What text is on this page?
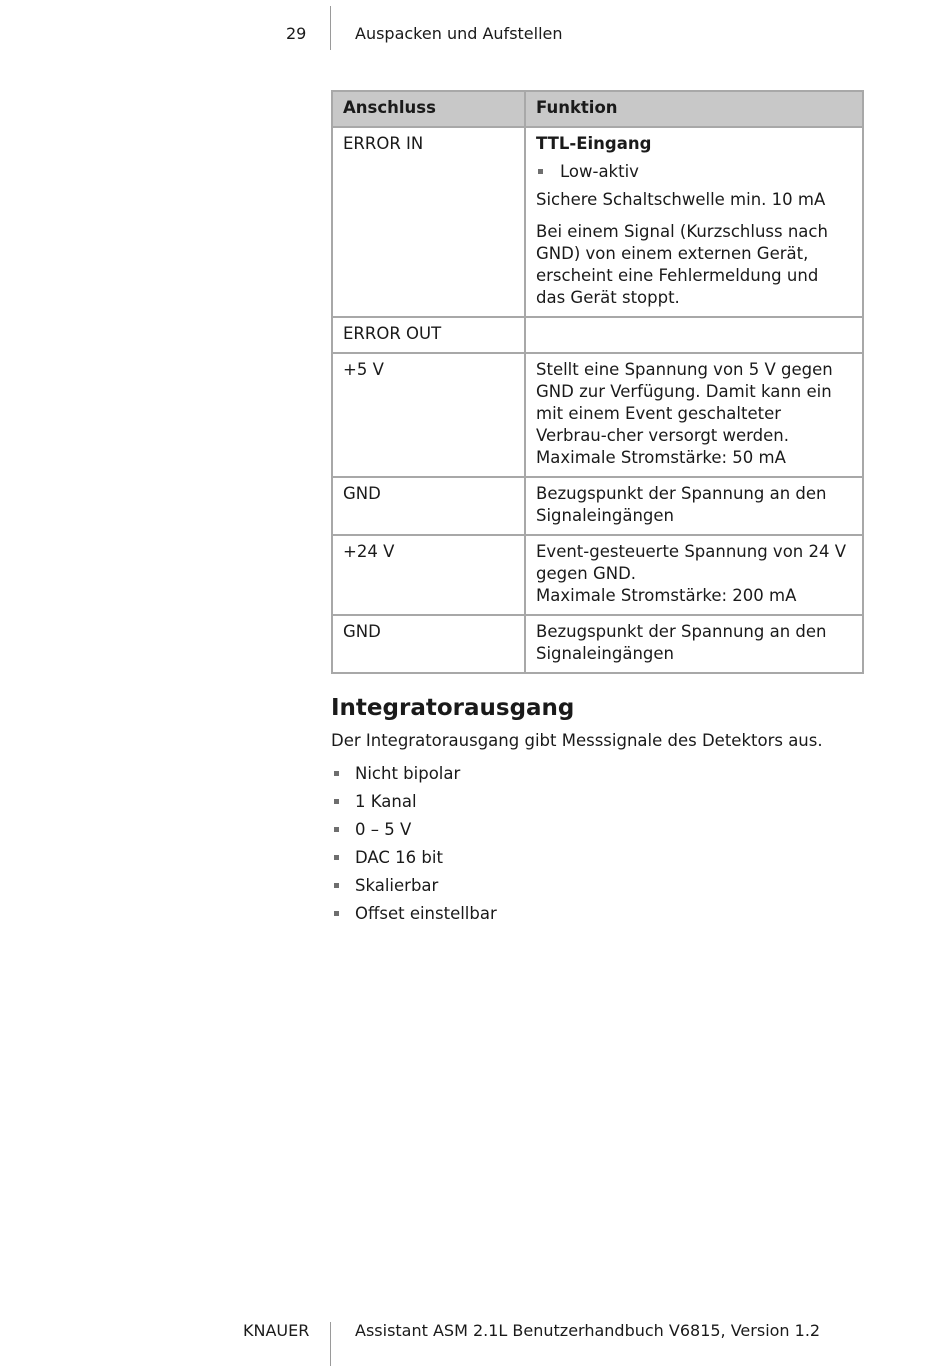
29	Auspacken und Aufstellen
Anschluss	Funktion
ERROR IN	TTL-Eingang
Low-aktiv
Sichere Schaltschwelle min. 10 mA
Bei einem Signal (Kurzschluss nach GND) von einem externen Gerät, erscheint eine Fehlermeldung und das Gerät stoppt.

ERROR OUT	
+5 V	Stellt eine Spannung von 5 V gegen GND zur Verfügung. Damit kann ein mit einem Event geschalteter Verbrau-cher versorgt werden.
Maximale Stromstärke: 50 mA

GND	Bezugspunkt der Spannung an den Signaleingängen

+24 V	Event-gesteuerte Spannung von 24 V gegen GND.
Maximale Stromstärke: 200 mA

GND	Bezugspunkt der Spannung an den Signaleingängen
Integratorausgang
Der Integratorausgang gibt Messsignale des Detektors aus.
Nicht bipolar
1 Kanal
0 – 5 V
DAC 16 bit
Skalierbar
Offset einstellbar
KNAUER	Assistant ASM 2.1L Benutzerhandbuch V6815, Version 1.2
